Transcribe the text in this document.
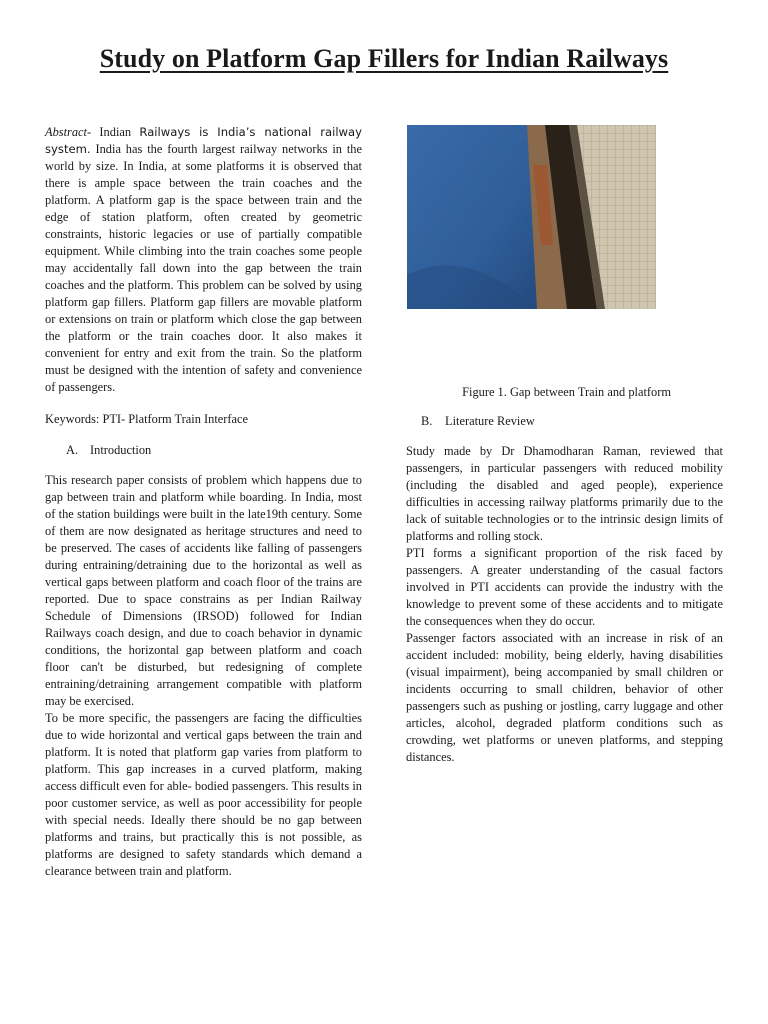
Study on Platform Gap Fillers for Indian Railways

Abstract- Indian Railways is India’s national railway system. India has the fourth largest railway networks in the world by size. In India, at some platforms it is observed that there is ample space between the train coaches and the platform. A platform gap is the space between train and the edge of station platform, often created by geometric constraints, historic legacies or use of partially compatible equipment. While climbing into the train coaches some people may accidentally fall down into the gap between the train coaches and the platform. This problem can be solved by using platform gap fillers. Platform gap fillers are movable platform or extensions on train or platform which close the gap between the platform or the train coaches door. It also makes it convenient for entry and exit from the train. So the platform must be designed with the intention of safety and convenience of passengers.

Keywords: PTI- Platform Train Interface
A. Introduction

This research paper consists of problem which happens due to gap between train and platform while boarding. In India, most of the station buildings were built in the late19th century. Some of them are now designated as heritage structures and need to be preserved. The cases of accidents like falling of passengers during entraining/detraining due to the horizontal as well as vertical gaps between platform and coach floor of the trains are reported. Due to space constrains as per Indian Railway Schedule of Dimensions (IRSOD) followed for Indian Railways coach design, and due to coach behavior in dynamic conditions, the horizontal gap between platform and coach floor can't be disturbed, but redesigning of complete entraining/detraining arrangement compatible with platform may be exercised.

To be more specific, the passengers are facing the difficulties due to wide horizontal and vertical gaps between the train and platform. It is noted that platform gap varies from platform to platform. This gap increases in a curved platform, making access difficult even for able- bodied passengers. This results in poor customer service, as well as poor accessibility for people with special needs. Ideally there should be no gap between platforms and trains, but practically this is not possible, as platforms are designed to safety standards which demand a clearance between train and platform.

Figure 1. Gap between Train and platform
B. Literature Review

Study made by Dr Dhamodharan Raman, reviewed that passengers, in particular passengers with reduced mobility (including the disabled and aged people), experience difficulties in accessing railway platforms primarily due to the lack of suitable technologies or to the intrinsic design limits of platforms and rolling stock.

PTI forms a significant proportion of the risk faced by passengers. A greater understanding of the casual factors involved in PTI accidents can provide the industry with the knowledge to prevent some of these accidents and to mitigate the consequences when they do occur.

Passenger factors associated with an increase in risk of an accident included: mobility, being elderly, having disabilities (visual impairment), being accompanied by small children or incidents occurring to small children, behavior of other passengers such as pushing or jostling, carry luggage and other articles, alcohol, degraded platform conditions such as crowding, wet platforms or uneven platforms, and stepping distances.
